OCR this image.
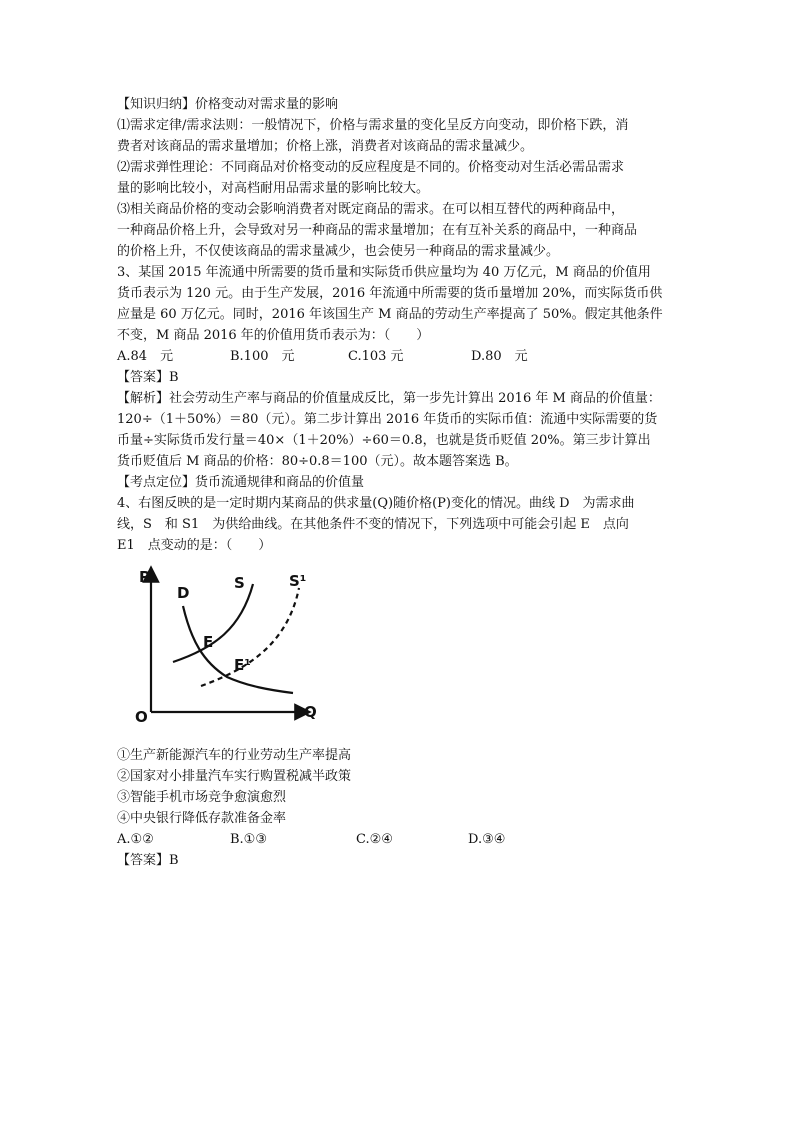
【知识归纳】价格变动对需求量的影响

⑴需求定律/需求法则：一般情况下，价格与需求量的变化呈反方向变动，即价格下跌，消

费者对该商品的需求量增加；价格上涨，消费者对该商品的需求量减少。

⑵需求弹性理论：不同商品对价格变动的反应程度是不同的。价格变动对生活必需品需求

量的影响比较小，对高档耐用品需求量的影响比较大。

⑶相关商品价格的变动会影响消费者对既定商品的需求。在可以相互替代的两种商品中，

一种商品价格上升，会导致对另一种商品的需求量增加；在有互补关系的商品中，一种商品

的价格上升，不仅使该商品的需求量减少，也会使另一种商品的需求量减少。

3、某国 2015 年流通中所需要的货币量和实际货币供应量均为 40 万亿元，M 商品的价值用

货币表示为 120 元。由于生产发展，2016 年流通中所需要的货币量增加 20%，而实际货币供

应量是 60 万亿元。同时，2016 年该国生产 M 商品的劳动生产率提高了 50%。假定其他条件

不变，M 商品 2016 年的价值用货币表示为：（　　）

A.84　元	B.100　元	C.103 元	D.80　元

【答案】B

【解析】社会劳动生产率与商品的价值量成反比，第一步先计算出 2016 年 M 商品的价值量：

120÷（1＋50%）＝80（元）。第二步计算出 2016 年货币的实际币值：流通中实际需要的货

币量÷实际货币发行量＝40×（1＋20%）÷60＝0.8，也就是货币贬值 20%。第三步计算出

货币贬值后 M 商品的价格：80÷0.8＝100（元）。故本题答案选 B。

【考点定位】货币流通规律和商品的价值量

4、右图反映的是一定时期内某商品的供求量(Q)随价格(P)变化的情况。曲线 D　为需求曲

线，S　和 S1　为供给曲线。在其他条件不变的情况下，下列选项中可能会引起 E　点向

E1　点变动的是：（　　）

P
O	Q
D
S	S¹
E
E¹

①生产新能源汽车的行业劳动生产率提高

②国家对小排量汽车实行购置税减半政策

③智能手机市场竞争愈演愈烈

④中央银行降低存款准备金率

A.①②	B.①③	C.②④	D.③④

【答案】B
